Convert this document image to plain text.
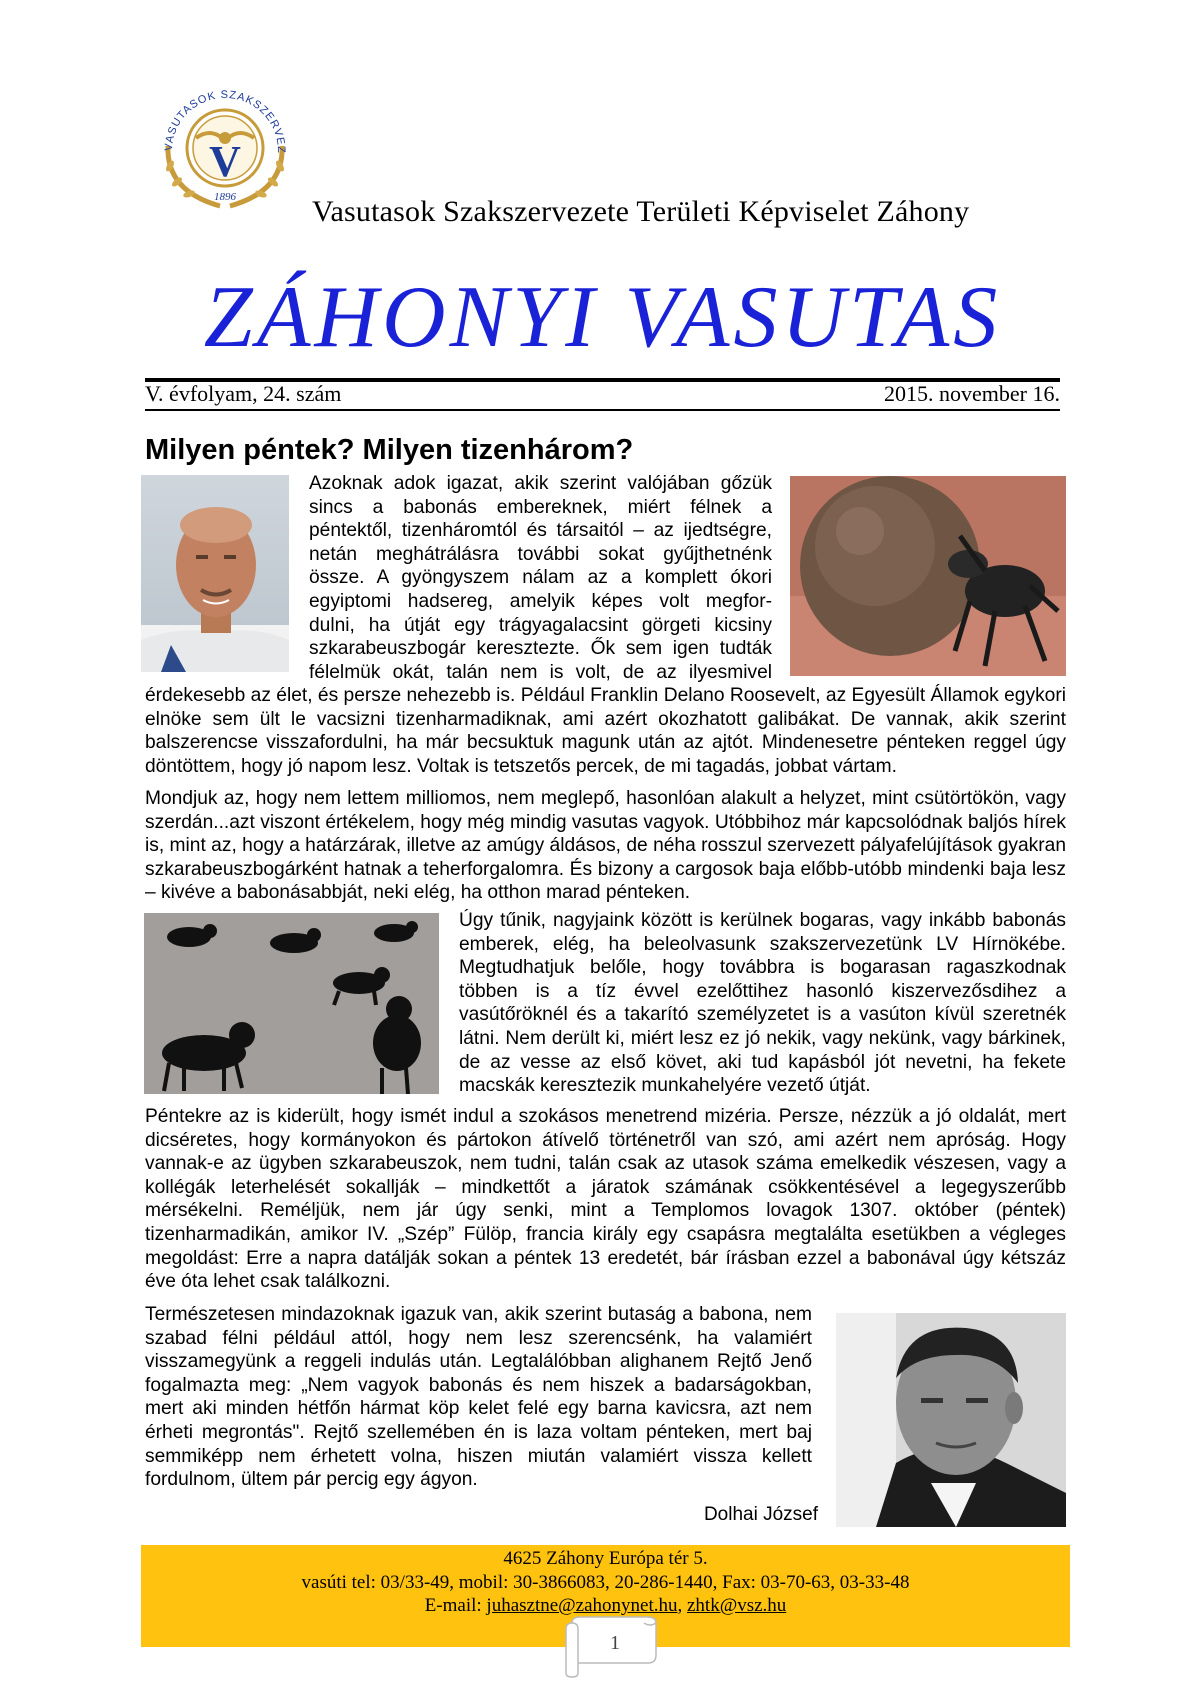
V
VASUTASOK SZAKSZERVEZ
1896	Vasutasok Szakszervezete Területi Képviselet Záhony
ZÁHONYI VASUTAS
V. évfolyam, 24. szám	2015. november 16.
Milyen péntek? Milyen tizenhárom?
Azoknak adok igazat, akik szerint valójában gőzük
sincs a babonás embereknek, miért félnek a
péntektől, tizenháromtól és társaitól – az ijedtségre,
netán meghátrálásra további sokat gyűjthetnénk
össze. A gyöngyszem nálam az a komplett ókori
egyiptomi hadsereg, amelyik képes volt megfor-
dulni, ha útját egy trágyagalacsint görgeti kicsiny
szkarabeuszbogár keresztezte. Ők sem igen tudták
félelmük okát, talán nem is volt, de az ilyesmivel

érdekesebb az élet, és persze nehezebb is. Például Franklin Delano Roosevelt, az Egyesült Államok egykori elnöke sem ült le vacsizni tizenharmadiknak, ami azért okozhatott galibákat. De vannak, akik szerint balszerencse visszafordulni, ha már becsuktuk magunk után az ajtót. Mindenesetre pénteken reggel úgy döntöttem, hogy jó napom lesz. Voltak is tetszetős percek, de mi tagadás, jobbat vártam.

Mondjuk az, hogy nem lettem milliomos, nem meglepő, hasonlóan alakult a helyzet, mint csütörtökön, vagy szerdán...azt viszont értékelem, hogy még mindig vasutas vagyok. Utóbbihoz már kapcsolódnak baljós hírek is, mint az, hogy a határzárak, illetve az amúgy áldásos, de néha rosszul szervezett pályafelújítások gyakran szkarabeuszbogárként hatnak a teherforgalomra. És bizony a cargosok baja előbb-utóbb mindenki baja lesz – kivéve a babonásabbját, neki elég, ha otthon marad pénteken.

Úgy tűnik, nagyjaink között is kerülnek bogaras, vagy inkább babonás emberek, elég, ha beleolvasunk szakszervezetünk LV Hírnökébe. Megtudhatjuk belőle, hogy továbbra is bogarasan ragaszkodnak többen is a tíz évvel ezelőttihez hasonló kiszervezősdihez a vasútőröknél és a takarító személyzetet is a vasúton kívül szeretnék látni. Nem derült ki, miért lesz ez jó nekik, vagy nekünk, vagy bárkinek, de az vesse az első követ, aki tud kapásból jót nevetni, ha fekete macskák keresztezik munkahelyére vezető útját.

Péntekre az is kiderült, hogy ismét indul a szokásos menetrend mizéria. Persze, nézzük a jó oldalát, mert dicséretes, hogy kormányokon és pártokon átívelő történetről van szó, ami azért nem apróság. Hogy vannak-e az ügyben szkarabeuszok, nem tudni, talán csak az utasok száma emelkedik vészesen, vagy a kollégák leterhelését sokallják – mindkettőt a járatok számának csökkentésével a legegyszerűbb mérsékelni. Reméljük, nem jár úgy senki, mint a Templomos lovagok 1307. október (péntek) tizenharmadikán, amikor IV. „Szép” Fülöp, francia király egy csapásra megtalálta esetükben a végleges megoldást: Erre a napra datálják sokan a péntek 13 eredetét, bár írásban ezzel a babonával úgy kétszáz éve óta lehet csak találkozni.

Természetesen mindazoknak igazuk van, akik szerint butaság a babona, nem szabad félni például attól, hogy nem lesz szerencsénk, ha valamiért visszamegyünk a reggeli indulás után. Legtalálóbban alighanem Rejtő Jenő fogalmazta meg: „Nem vagyok babonás és nem hiszek a badarságokban, mert aki minden hétfőn hármat köp kelet felé egy barna kavicsra, azt nem érheti megrontás". Rejtő szellemében én is laza voltam pénteken, mert baj semmiképp nem érhetett volna, hiszen miután valamiért vissza kellett fordulnom, ültem pár percig egy ágyon.

Dolhai József
4625 Záhony Európa tér 5.
vasúti tel: 03/33-49, mobil: 30-3866083, 20-286-1440, Fax: 03-70-63, 03-33-48
E-mail: juhasztne@zahonynet.hu, zhtk@vsz.hu
1
